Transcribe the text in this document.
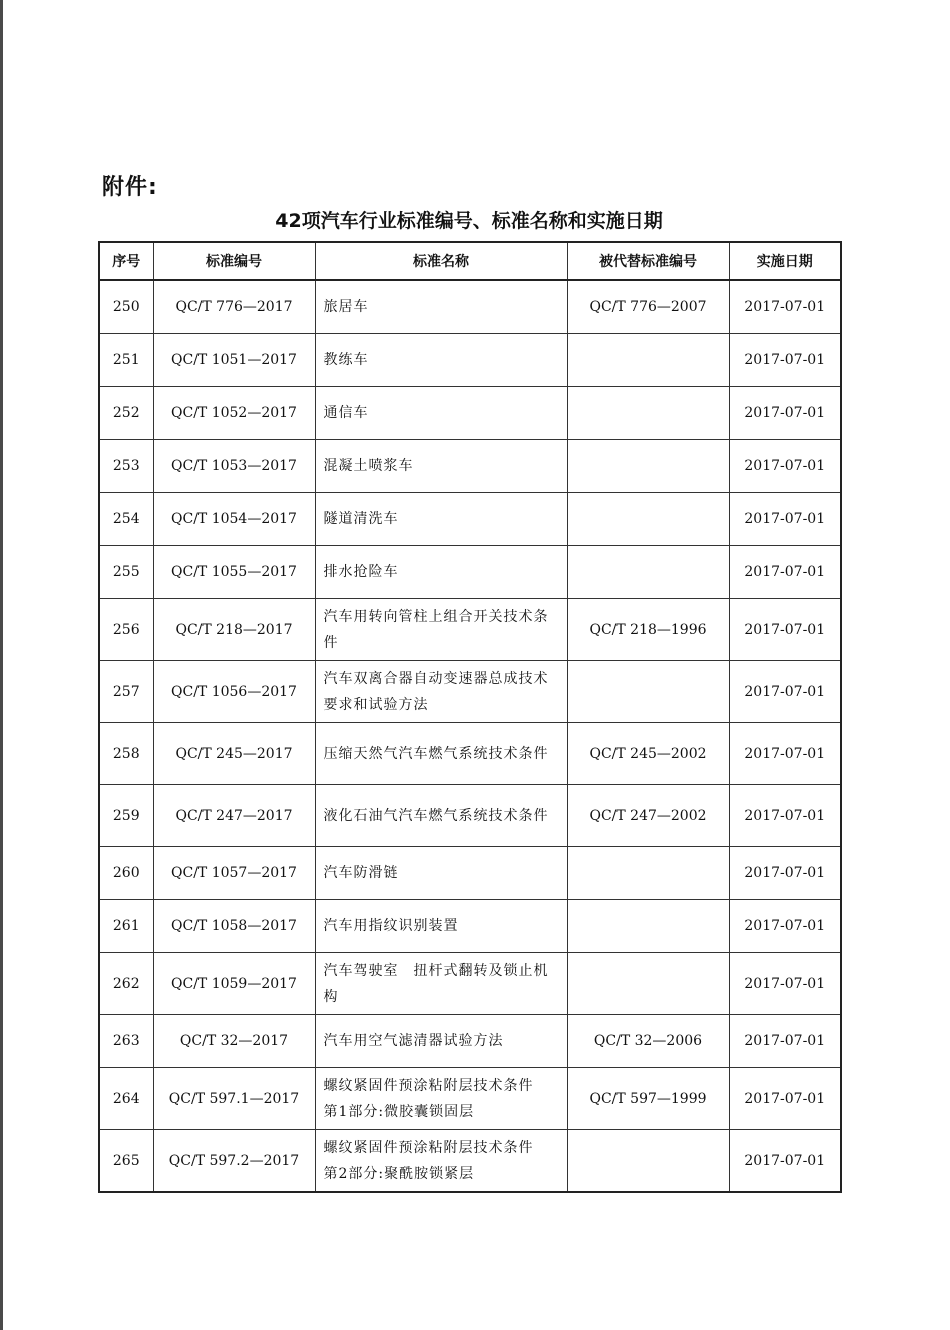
附件:
42项汽车行业标准编号、标准名称和实施日期
序号	标准编号	标准名称	被代替标准编号	实施日期
250	QC/T 776—2017	旅居车	QC/T 776—2007	2017-07-01
251	QC/T 1051—2017	教练车		2017-07-01
252	QC/T 1052—2017	通信车		2017-07-01
253	QC/T 1053—2017	混凝土喷浆车		2017-07-01
254	QC/T 1054—2017	隧道清洗车		2017-07-01
255	QC/T 1055—2017	排水抢险车		2017-07-01
256	QC/T 218—2017	汽车用转向管柱上组合开关技术条件	QC/T 218—1996	2017-07-01
257	QC/T 1056—2017	汽车双离合器自动变速器总成技术要求和试验方法		2017-07-01
258	QC/T 245—2017	压缩天然气汽车燃气系统技术条件	QC/T 245—2002	2017-07-01
259	QC/T 247—2017	液化石油气汽车燃气系统技术条件	QC/T 247—2002	2017-07-01
260	QC/T 1057—2017	汽车防滑链		2017-07-01
261	QC/T 1058—2017	汽车用指纹识别装置		2017-07-01
262	QC/T 1059—2017	汽车驾驶室　扭杆式翻转及锁止机构		2017-07-01
263	QC/T 32—2017	汽车用空气滤清器试验方法	QC/T 32—2006	2017-07-01
264	QC/T 597.1—2017	螺纹紧固件预涂粘附层技术条件　第1部分:微胶囊锁固层	QC/T 597—1999	2017-07-01
265	QC/T 597.2—2017	螺纹紧固件预涂粘附层技术条件　第2部分:聚酰胺锁紧层		2017-07-01
